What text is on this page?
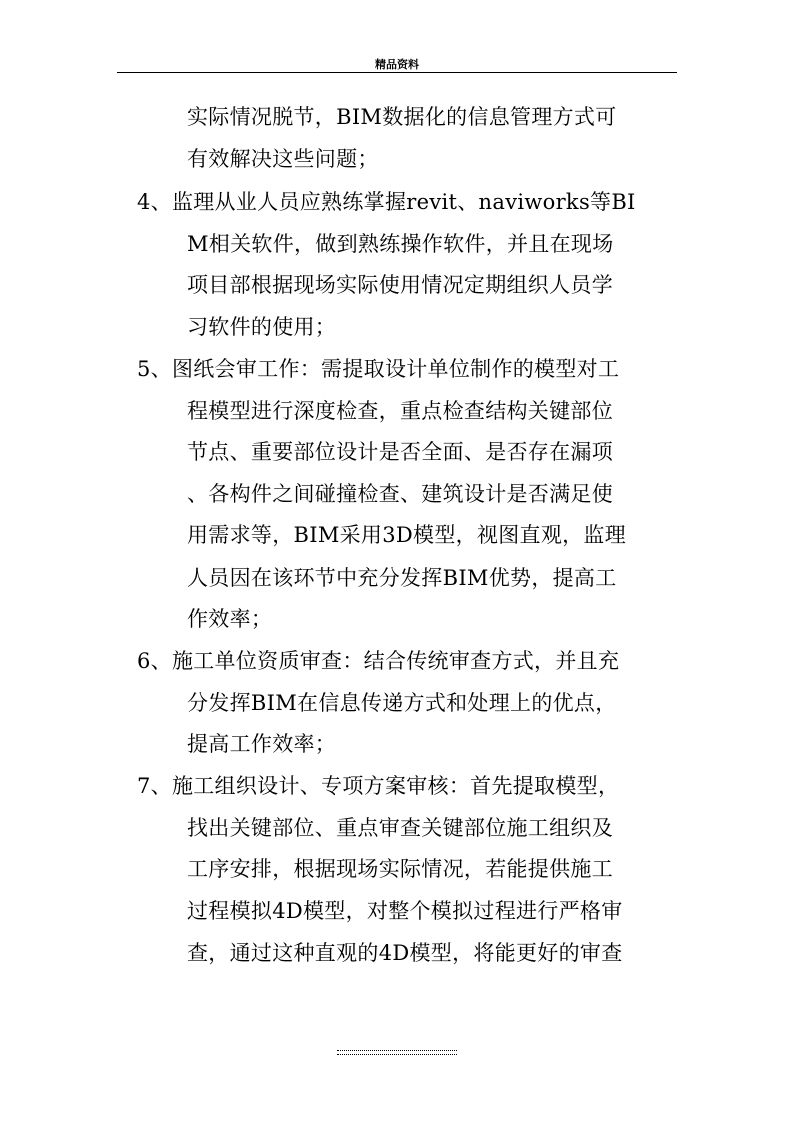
精品资料
实际情况脱节，BIM数据化的信息管理方式可
有效解决这些问题；
4、监理从业人员应熟练掌握revit、naviworks等BI
M相关软件，做到熟练操作软件，并且在现场
项目部根据现场实际使用情况定期组织人员学
习软件的使用；
5、图纸会审工作：需提取设计单位制作的模型对工
程模型进行深度检查，重点检查结构关键部位
节点、重要部位设计是否全面、是否存在漏项
、各构件之间碰撞检查、建筑设计是否满足使
用需求等，BIM采用3D模型，视图直观，监理
人员因在该环节中充分发挥BIM优势，提高工
作效率；
6、施工单位资质审查：结合传统审查方式，并且充
分发挥BIM在信息传递方式和处理上的优点，
提高工作效率；
7、施工组织设计、专项方案审核：首先提取模型，
找出关键部位、重点审查关键部位施工组织及
工序安排，根据现场实际情况，若能提供施工
过程模拟4D模型，对整个模拟过程进行严格审
查，通过这种直观的4D模型，将能更好的审查
